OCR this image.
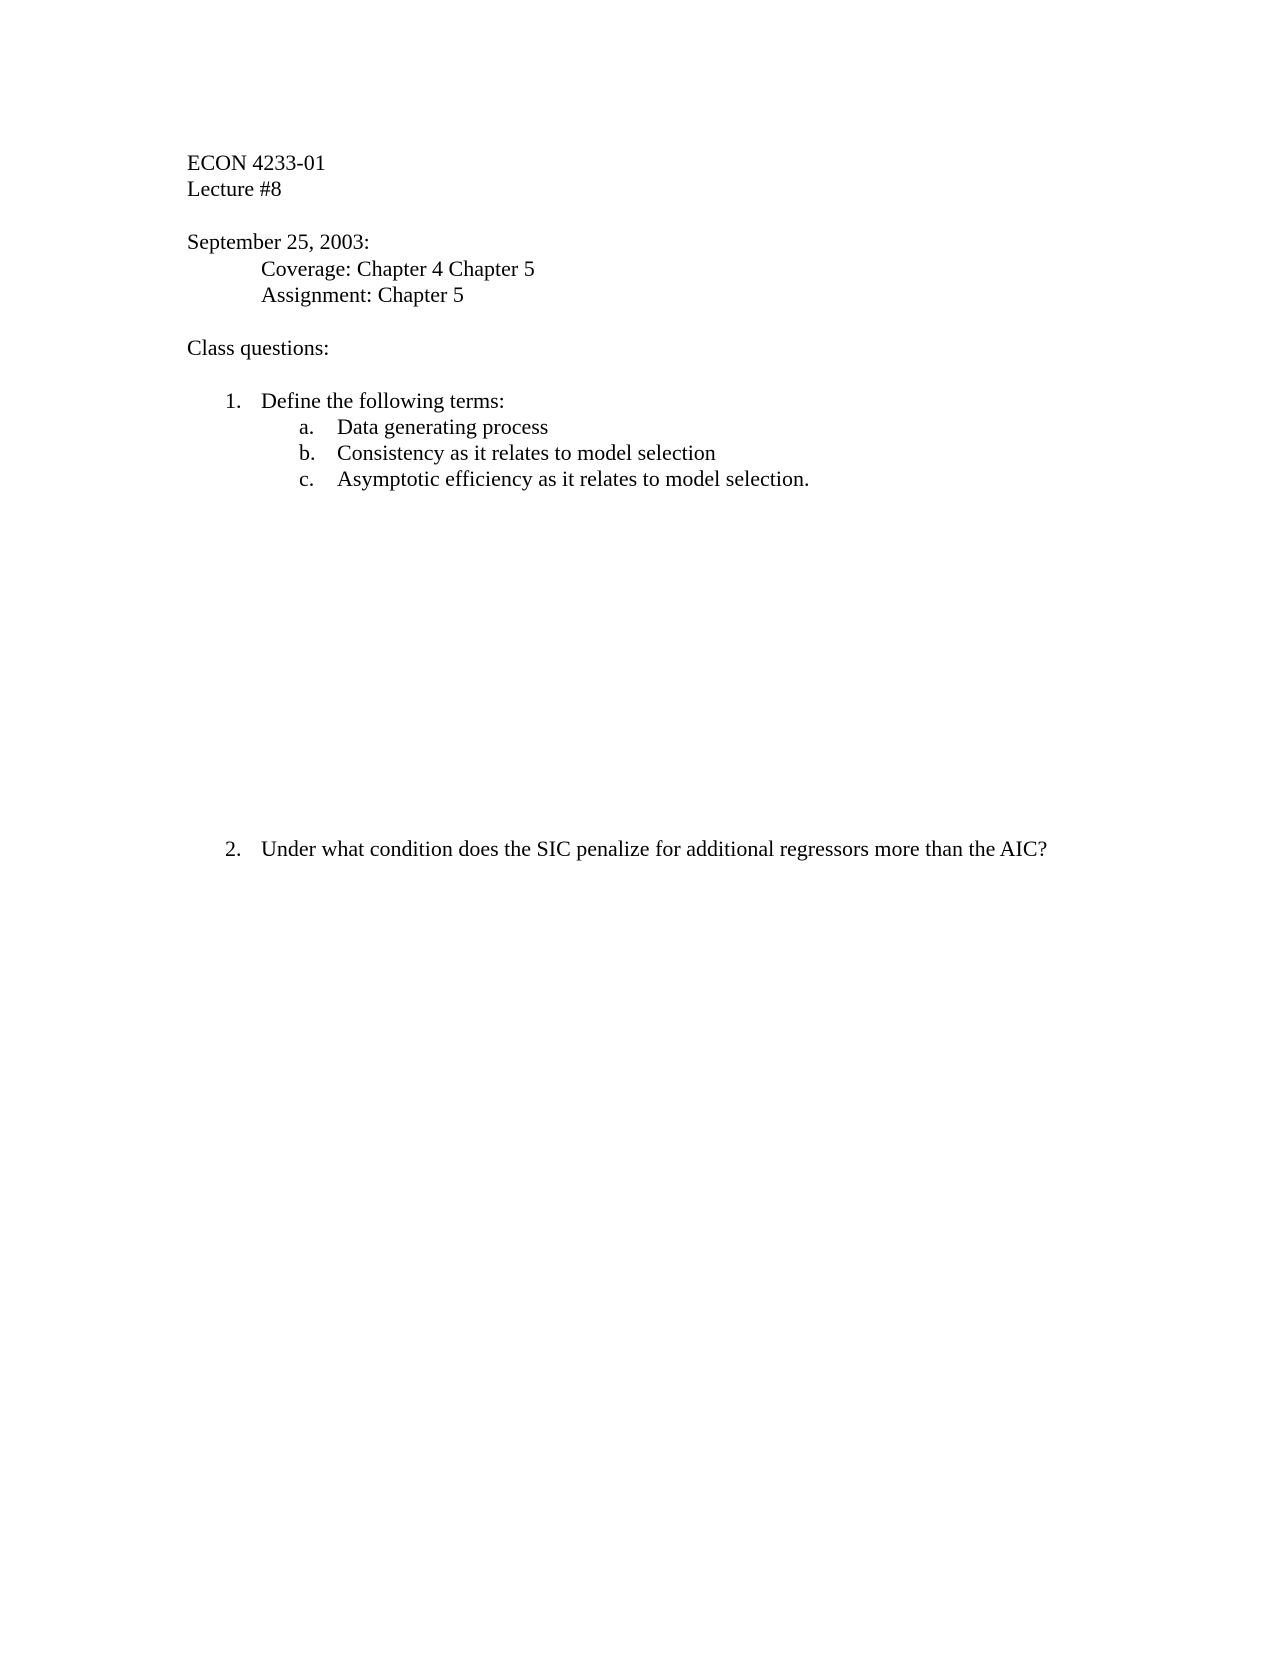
ECON 4233-01
Lecture #8
September 25, 2003:
Coverage: Chapter 4 Chapter 5
Assignment: Chapter 5
Class questions:
1. Define the following terms:
a. Data generating process
b. Consistency as it relates to model selection
c. Asymptotic efficiency as it relates to model selection.
2. Under what condition does the SIC penalize for additional regressors more than the AIC?
